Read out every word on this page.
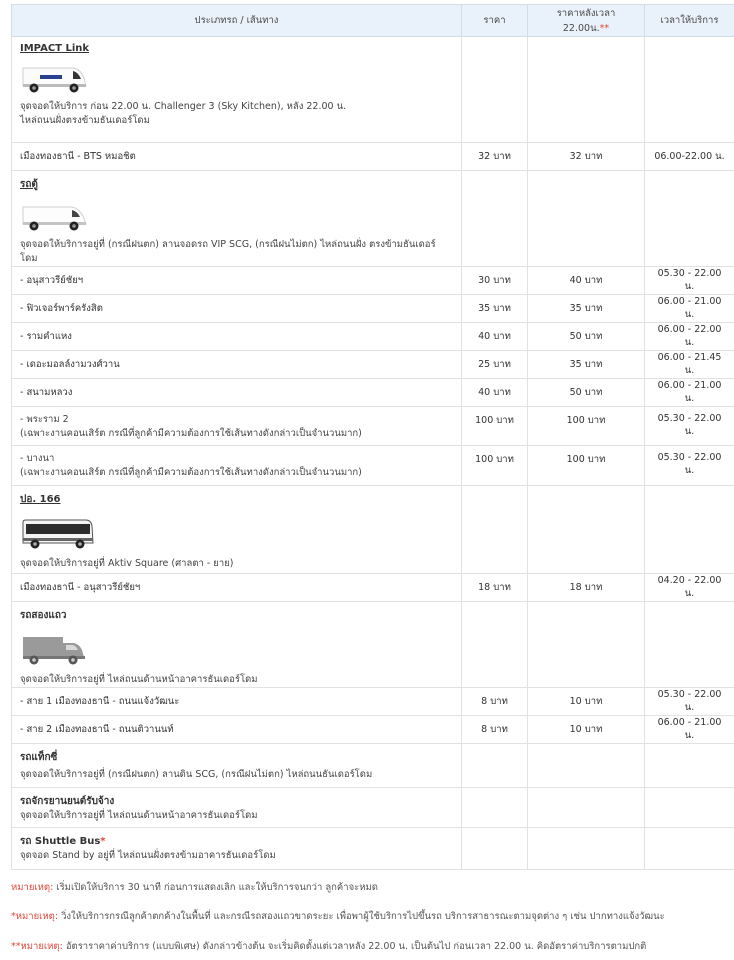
ประเภทรถ / เส้นทาง	ราคา	ราคาหลังเวลา 22.00น.**	เวลาให้บริการ

IMPACT Link
จุดจอดให้บริการ ก่อน 22.00 น. Challenger 3 (Sky Kitchen), หลัง 22.00 น.
ไหล่ถนนฝั่งตรงข้ามธันเดอร์โดม			

เมืองทองธานี - BTS หมอชิต	32 บาท	32 บาท	06.00-22.00 น.

รถตู้
จุดจอดให้บริการอยู่ที่ (กรณีฝนตก) ลานจอดรถ VIP SCG, (กรณีฝนไม่ตก) ไหล่ถนนฝั่ง ตรงข้ามธันเดอร์โดม			

- อนุสาวรีย์ชัยฯ	30 บาท	40 บาท	05.30 - 22.00 น.
- ฟิวเจอร์พาร์ครังสิต	35 บาท	35 บาท	06.00 - 21.00 น.
- รามคำแหง	40 บาท	50 บาท	06.00 - 22.00 น.
- เดอะมอลล์งามวงศ์วาน	25 บาท	35 บาท	06.00 - 21.45 น.
- สนามหลวง	40 บาท	50 บาท	06.00 - 21.00 น.

- พระราม 2
(เฉพาะงานคอนเสิร์ต กรณีที่ลูกค้ามีความต้องการใช้เส้นทางดังกล่าวเป็นจำนวนมาก)	100 บาท	100 บาท	05.30 - 22.00 น.

- บางนา
(เฉพาะงานคอนเสิร์ต กรณีที่ลูกค้ามีความต้องการใช้เส้นทางดังกล่าวเป็นจำนวนมาก)	100 บาท	100 บาท	05.30 - 22.00 น.

ปอ. 166
จุดจอดให้บริการอยู่ที่ Aktiv Square (ศาลตา - ยาย)			

เมืองทองธานี - อนุสาวรีย์ชัยฯ	18 บาท	18 บาท	04.20 - 22.00 น.

รถสองแถว
จุดจอดให้บริการอยู่ที่ ไหล่ถนนด้านหน้าอาคารธันเดอร์โดม			

- สาย 1 เมืองทองธานี - ถนนแจ้งวัฒนะ	8 บาท	10 บาท	05.30 - 22.00 น.
- สาย 2 เมืองทองธานี - ถนนติวานนท์	8 บาท	10 บาท	06.00 - 21.00 น.

รถแท็กซี่
จุดจอดให้บริการอยู่ที่ (กรณีฝนตก) ลานดิน SCG, (กรณีฝนไม่ตก) ไหล่ถนนธันเดอร์โดม			

รถจักรยานยนต์รับจ้าง
จุดจอดให้บริการอยู่ที่ ไหล่ถนนด้านหน้าอาคารธันเดอร์โดม			

รถ Shuttle Bus*
จุดจอด Stand by อยู่ที่ ไหล่ถนนฝั่งตรงข้ามอาคารธันเดอร์โดม			

หมายเหตุ: เริ่มเปิดให้บริการ 30 นาที ก่อนการแสดงเลิก และให้บริการจนกว่า ลูกค้าจะหมด
*หมายเหตุ: วิ่งให้บริการกรณีลูกค้าตกค้างในพื้นที่ และกรณีรถสองแถวขาดระยะ เพื่อพาผู้ใช้บริการไปขึ้นรถ บริการสาธารณะตามจุดต่าง ๆ เช่น ปากทางแจ้งวัฒนะ
**หมายเหตุ: อัตราราคาค่าบริการ (แบบพิเศษ) ดังกล่าวข้างต้น จะเริ่มคิดตั้งแต่เวลาหลัง 22.00 น. เป็นต้นไป ก่อนเวลา 22.00 น. คิดอัตราค่าบริการตามปกติ
